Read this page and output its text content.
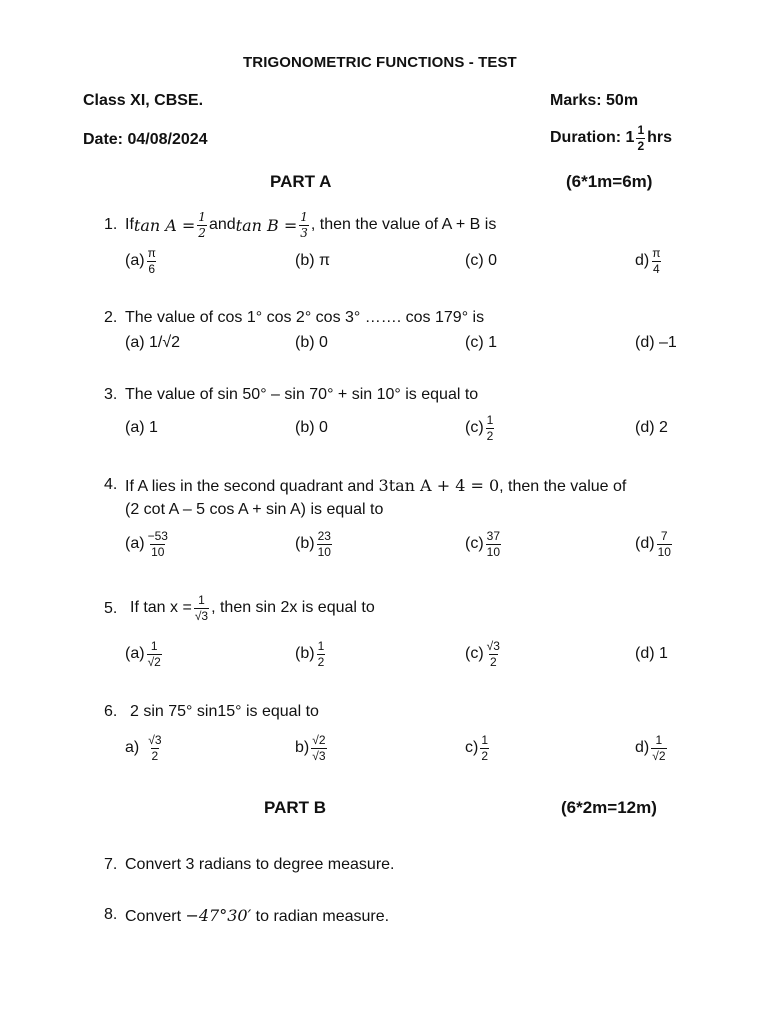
TRIGONOMETRIC FUNCTIONS - TEST
Class XI, CBSE.	Marks: 50m
Date: 04/08/2024	Duration: $1 \frac{1}{2}$ hrs
PART A	(6*1m=6m)
1. If $\tan A = \frac{1}{2}$ and $\tan B = \frac{1}{3}$ , then the value of A + B is
$(a) \frac{\pi}{6}$	(b) π	(c) 0	$d) \frac{\pi}{4}$
2. The value of cos 1° cos 2° cos 3° ……. cos 179° is
(a) 1/√2	(b) 0	(c) 1	(d) –1
3. The value of sin 50° – sin 70° + sin 10° is equal to
(a) 1	(b) 0	$(c) \frac{1}{2}$	(d) 2
4. If A lies in the second quadrant and 3tan A + 4 = 0, then the value of
(2 cot A – 5 cos A + sin A) is equal to
$(a) \frac{-53}{10}$	$(b) \frac{23}{10}$	$(c) \frac{37}{10}$	$(d) \frac{7}{10}$
5. If $\tan x = \frac{1}{√3}$ , then sin 2x is equal to
$(a) \frac{1}{√2}$	$(b) \frac{1}{2}$	$(c) \frac{√3}{2}$	(d) 1
6. 2 sin 75° sin15° is equal to
$a) \frac{√3}{2}$	$b) \frac{√2}{√3}$	$c) \frac{1}{2}$	$d) \frac{1}{√2}$
PART B	(6*2m=12m)
7. Convert 3 radians to degree measure.
8. Convert −47°30′ to radian measure.
